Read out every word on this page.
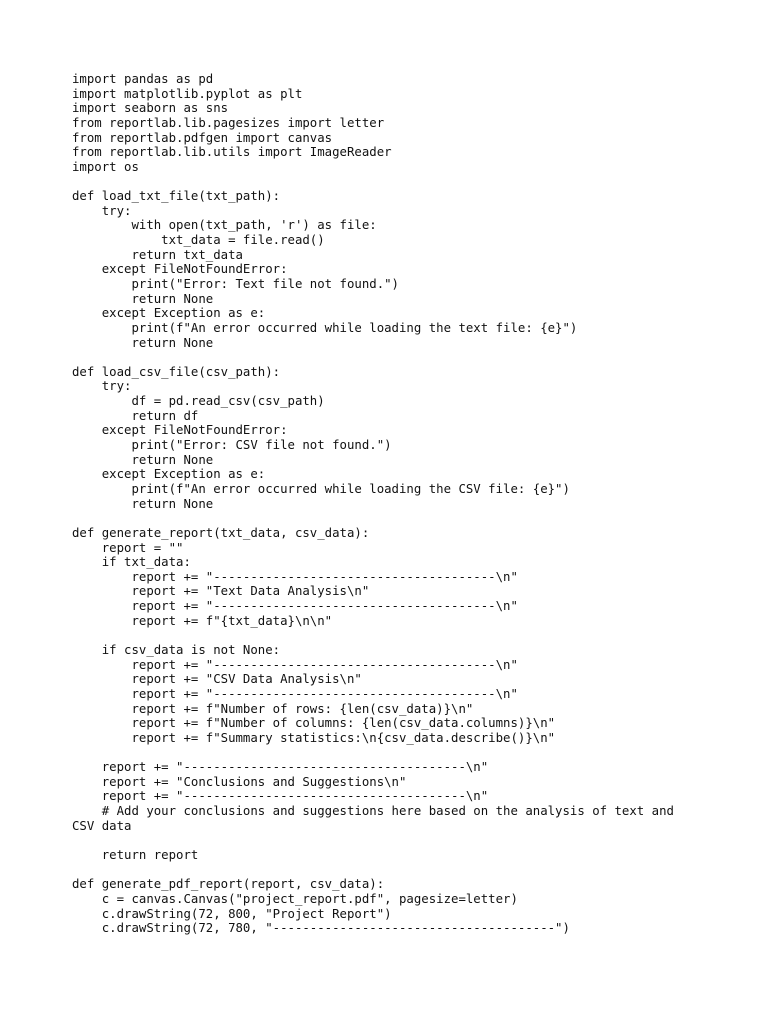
import pandas as pd
import matplotlib.pyplot as plt
import seaborn as sns
from reportlab.lib.pagesizes import letter
from reportlab.pdfgen import canvas
from reportlab.lib.utils import ImageReader
import os
def load_txt_file(txt_path):
try:
with open(txt_path, 'r') as file:
txt_data = file.read()
return txt_data
except FileNotFoundError:
print("Error: Text file not found.")
return None
except Exception as e:
print(f"An error occurred while loading the text file: {e}")
return None
def load_csv_file(csv_path):
try:
df = pd.read_csv(csv_path)
return df
except FileNotFoundError:
print("Error: CSV file not found.")
return None
except Exception as e:
print(f"An error occurred while loading the CSV file: {e}")
return None
def generate_report(txt_data, csv_data):
report = ""
if txt_data:
report += "--------------------------------------\n"
report += "Text Data Analysis\n"
report += "--------------------------------------\n"
report += f"{txt_data}\n\n"
if csv_data is not None:
report += "--------------------------------------\n"
report += "CSV Data Analysis\n"
report += "--------------------------------------\n"
report += f"Number of rows: {len(csv_data)}\n"
report += f"Number of columns: {len(csv_data.columns)}\n"
report += f"Summary statistics:\n{csv_data.describe()}\n"
report += "--------------------------------------\n"
report += "Conclusions and Suggestions\n"
report += "--------------------------------------\n"
# Add your conclusions and suggestions here based on the analysis of text and
CSV data
return report
def generate_pdf_report(report, csv_data):
c = canvas.Canvas("project_report.pdf", pagesize=letter)
c.drawString(72, 800, "Project Report")
c.drawString(72, 780, "--------------------------------------")
